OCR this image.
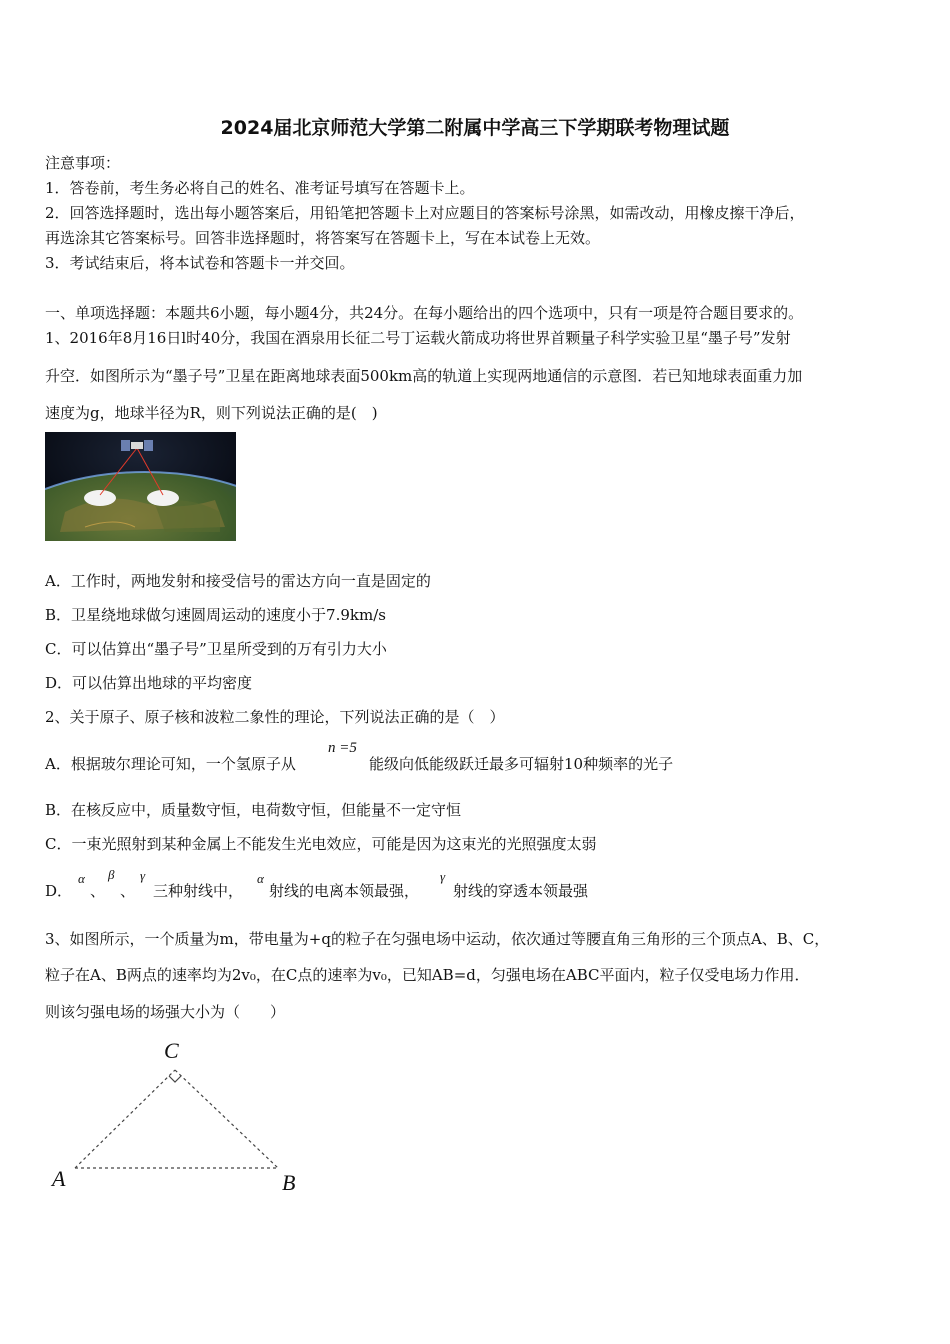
2024届北京师范大学第二附属中学高三下学期联考物理试题
注意事项：
1．答卷前，考生务必将自己的姓名、准考证号填写在答题卡上。
2．回答选择题时，选出每小题答案后，用铅笔把答题卡上对应题目的答案标号涂黑，如需改动，用橡皮擦干净后，
再选涂其它答案标号。回答非选择题时，将答案写在答题卡上，写在本试卷上无效。
3．考试结束后，将本试卷和答题卡一并交回。
一、单项选择题：本题共6小题，每小题4分，共24分。在每小题给出的四个选项中，只有一项是符合题目要求的。
1、2016年8月16日l时40分，我国在酒泉用长征二号丁运载火箭成功将世界首颗量子科学实验卫星“墨子号”发射
升空．如图所示为“墨子号”卫星在距离地球表面500km高的轨道上实现两地通信的示意图．若已知地球表面重力加
速度为g，地球半径为R，则下列说法正确的是(　)
A．工作时，两地发射和接受信号的雷达方向一直是固定的
B．卫星绕地球做匀速圆周运动的速度小于7.9km/s
C．可以估算出“墨子号”卫星所受到的万有引力大小
D．可以估算出地球的平均密度
2、关于原子、原子核和波粒二象性的理论，下列说法正确的是（　）
A．根据玻尔理论可知，一个氢原子从
n =5
能级向低能级跃迁最多可辐射10种频率的光子
B．在核反应中，质量数守恒，电荷数守恒，但能量不一定守恒
C．一束光照射到某种金属上不能发生光电效应，可能是因为这束光的光照强度太弱
D．
α
、
β
、
γ
三种射线中，
α
射线的电离本领最强，
γ
射线的穿透本领最强
3、如图所示，一个质量为m，带电量为+q的粒子在匀强电场中运动，依次通过等腰直角三角形的三个顶点A、B、C，
粒子在A、B两点的速率均为2v₀，在C点的速率为v₀，已知AB=d，匀强电场在ABC平面内，粒子仅受电场力作用．
则该匀强电场的场强大小为（　　）
C
A	B
